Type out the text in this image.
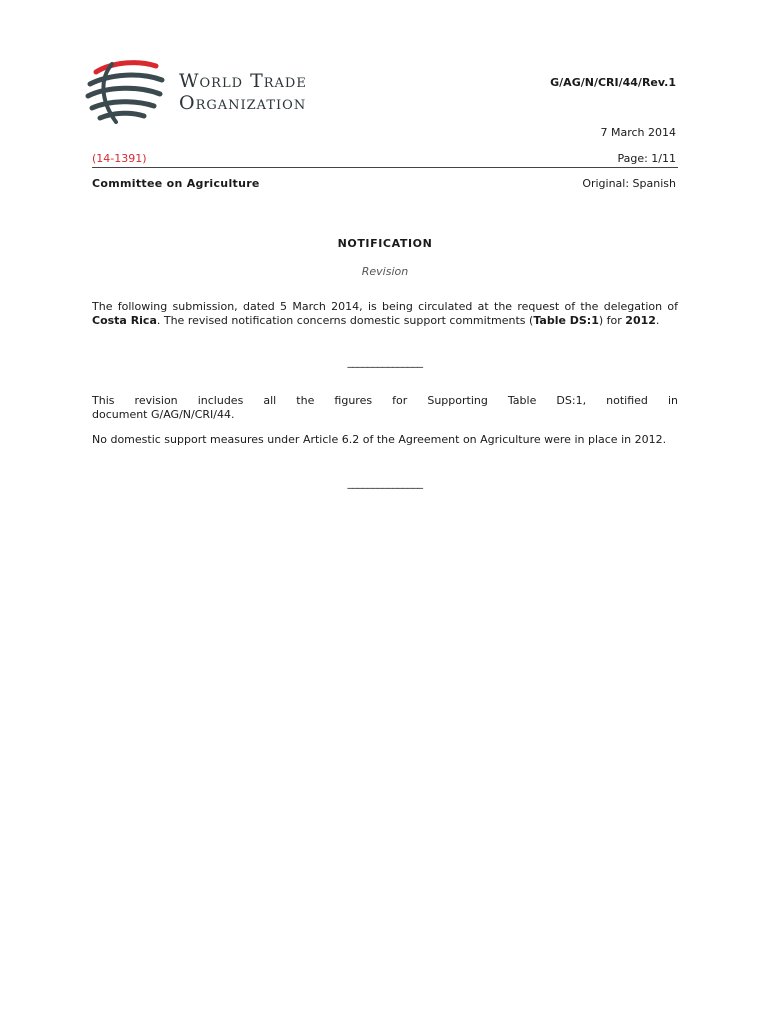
World Trade
Organization
G/AG/N/CRI/44/Rev.1
7 March 2014
(14-1391)	Page: 1/11
Committee on Agriculture	Original: Spanish
NOTIFICATION
Revision
The following submission, dated 5 March 2014, is being circulated at the request of the delegation of Costa Rica. The revised notification concerns domestic support commitments (Table DS:1) for 2012.
_______________
This revision includes all the figures for Supporting Table DS:1, notified in
document G/AG/N/CRI/44.
No domestic support measures under Article 6.2 of the Agreement on Agriculture were in place in 2012.
_______________
